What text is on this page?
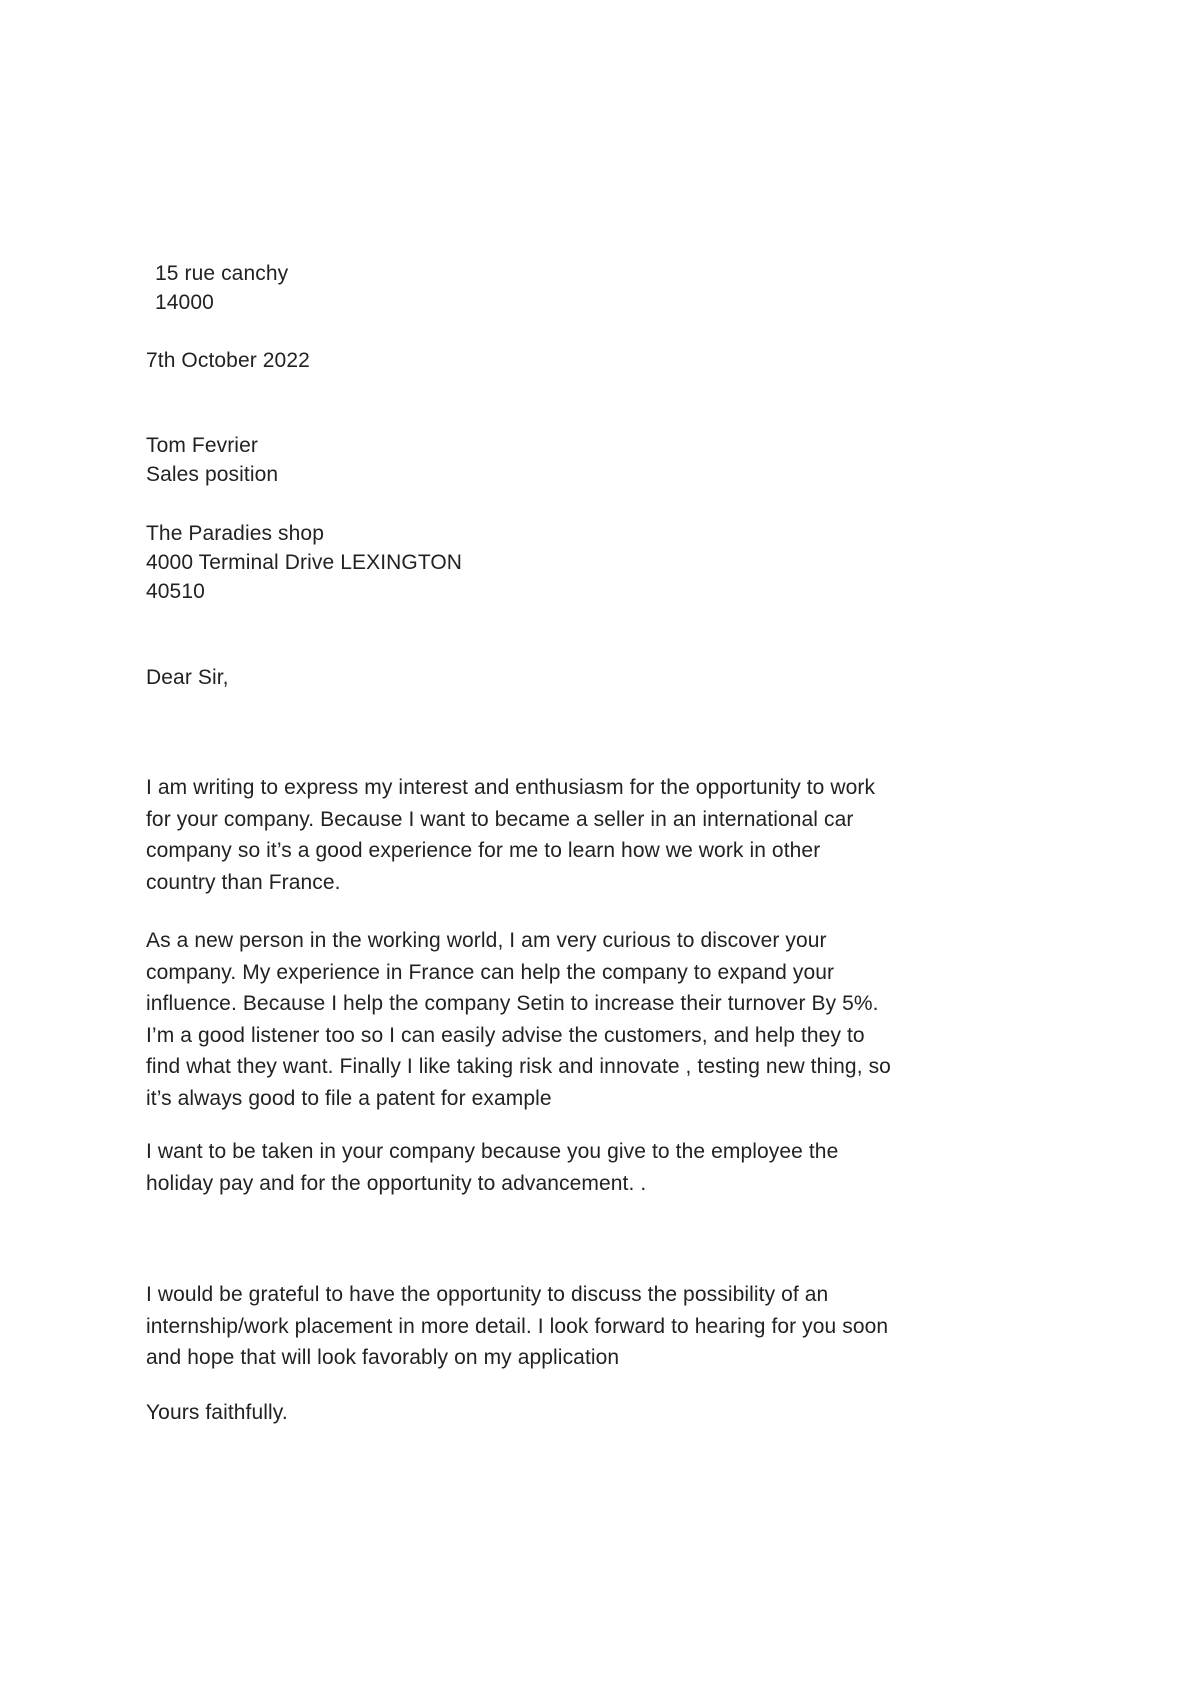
15 rue canchy
14000
7th October 2022
Tom Fevrier
Sales position
The Paradies shop
4000 Terminal Drive LEXINGTON
40510
Dear Sir,
I am writing to express my interest and enthusiasm for the opportunity to work
for your company. Because I want to became a seller in an international car
company so it’s a good experience for me to learn how we work in other
country than France.
As a new person in the working world, I am very curious to discover your
company. My experience in France can help the company to expand your
influence. Because I help the company Setin to increase their turnover By 5%.
I’m a good listener too so I can easily advise the customers, and help they to
find what they want. Finally I like taking risk and innovate , testing new thing, so
it’s always good to file a patent for example
I want to be taken in your company because you give to the employee the
holiday pay and for the opportunity to advancement. .
I would be grateful to have the opportunity to discuss the possibility of an
internship/work placement in more detail. I look forward to hearing for you soon
and hope that will look favorably on my application
Yours faithfully.
